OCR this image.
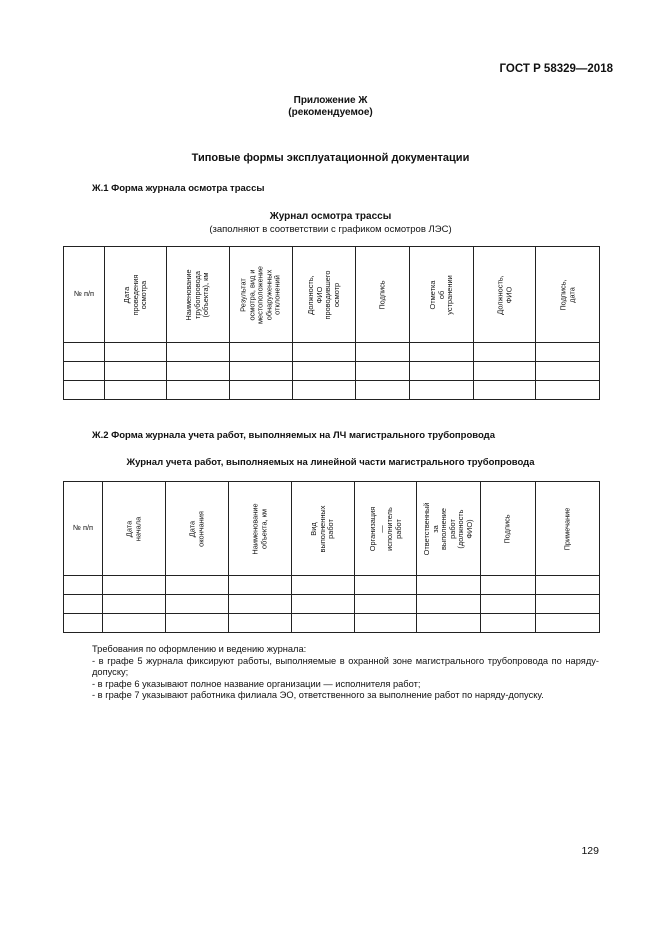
ГОСТ Р 58329—2018
Приложение Ж
(рекомендуемое)
Типовые формы эксплуатационной документации
Ж.1 Форма журнала осмотра трассы
Журнал осмотра трассы
(заполняют в соответствии с графиком осмотров ЛЭС)
№ п/п	Дата проведения
осмотра	Наименование
трубопровода
(объекта), км	Результат
осмотра, вид и
местоположение
обнаруженных
отклонений	Должность, ФИО
проводившего
осмотр	Подпись	Отметка
об устранении	Должность,
ФИО	Подпись,
дата

Ж.2 Форма журнала учета работ, выполняемых на ЛЧ магистрального трубопровода
Журнал учета работ, выполняемых на линейной части магистрального трубопровода
№ п/п	Дата начала	Дата окончания	Наименование
объекта, км	Вид
выполненных
работ	Организация —
исполнитель
работ	Ответственный за
выполнение работ
(должность ФИО)	Подпись	Примечание

Требования по оформлению и ведению журнала:
- в графе 5 журнала фиксируют работы, выполняемые в охранной зоне магистрального трубопровода по наряду-допуску;
- в графе 6 указывают полное название организации — исполнителя работ;
- в графе 7 указывают работника филиала ЭО, ответственного за выполнение работ по наряду-допуску.
129
